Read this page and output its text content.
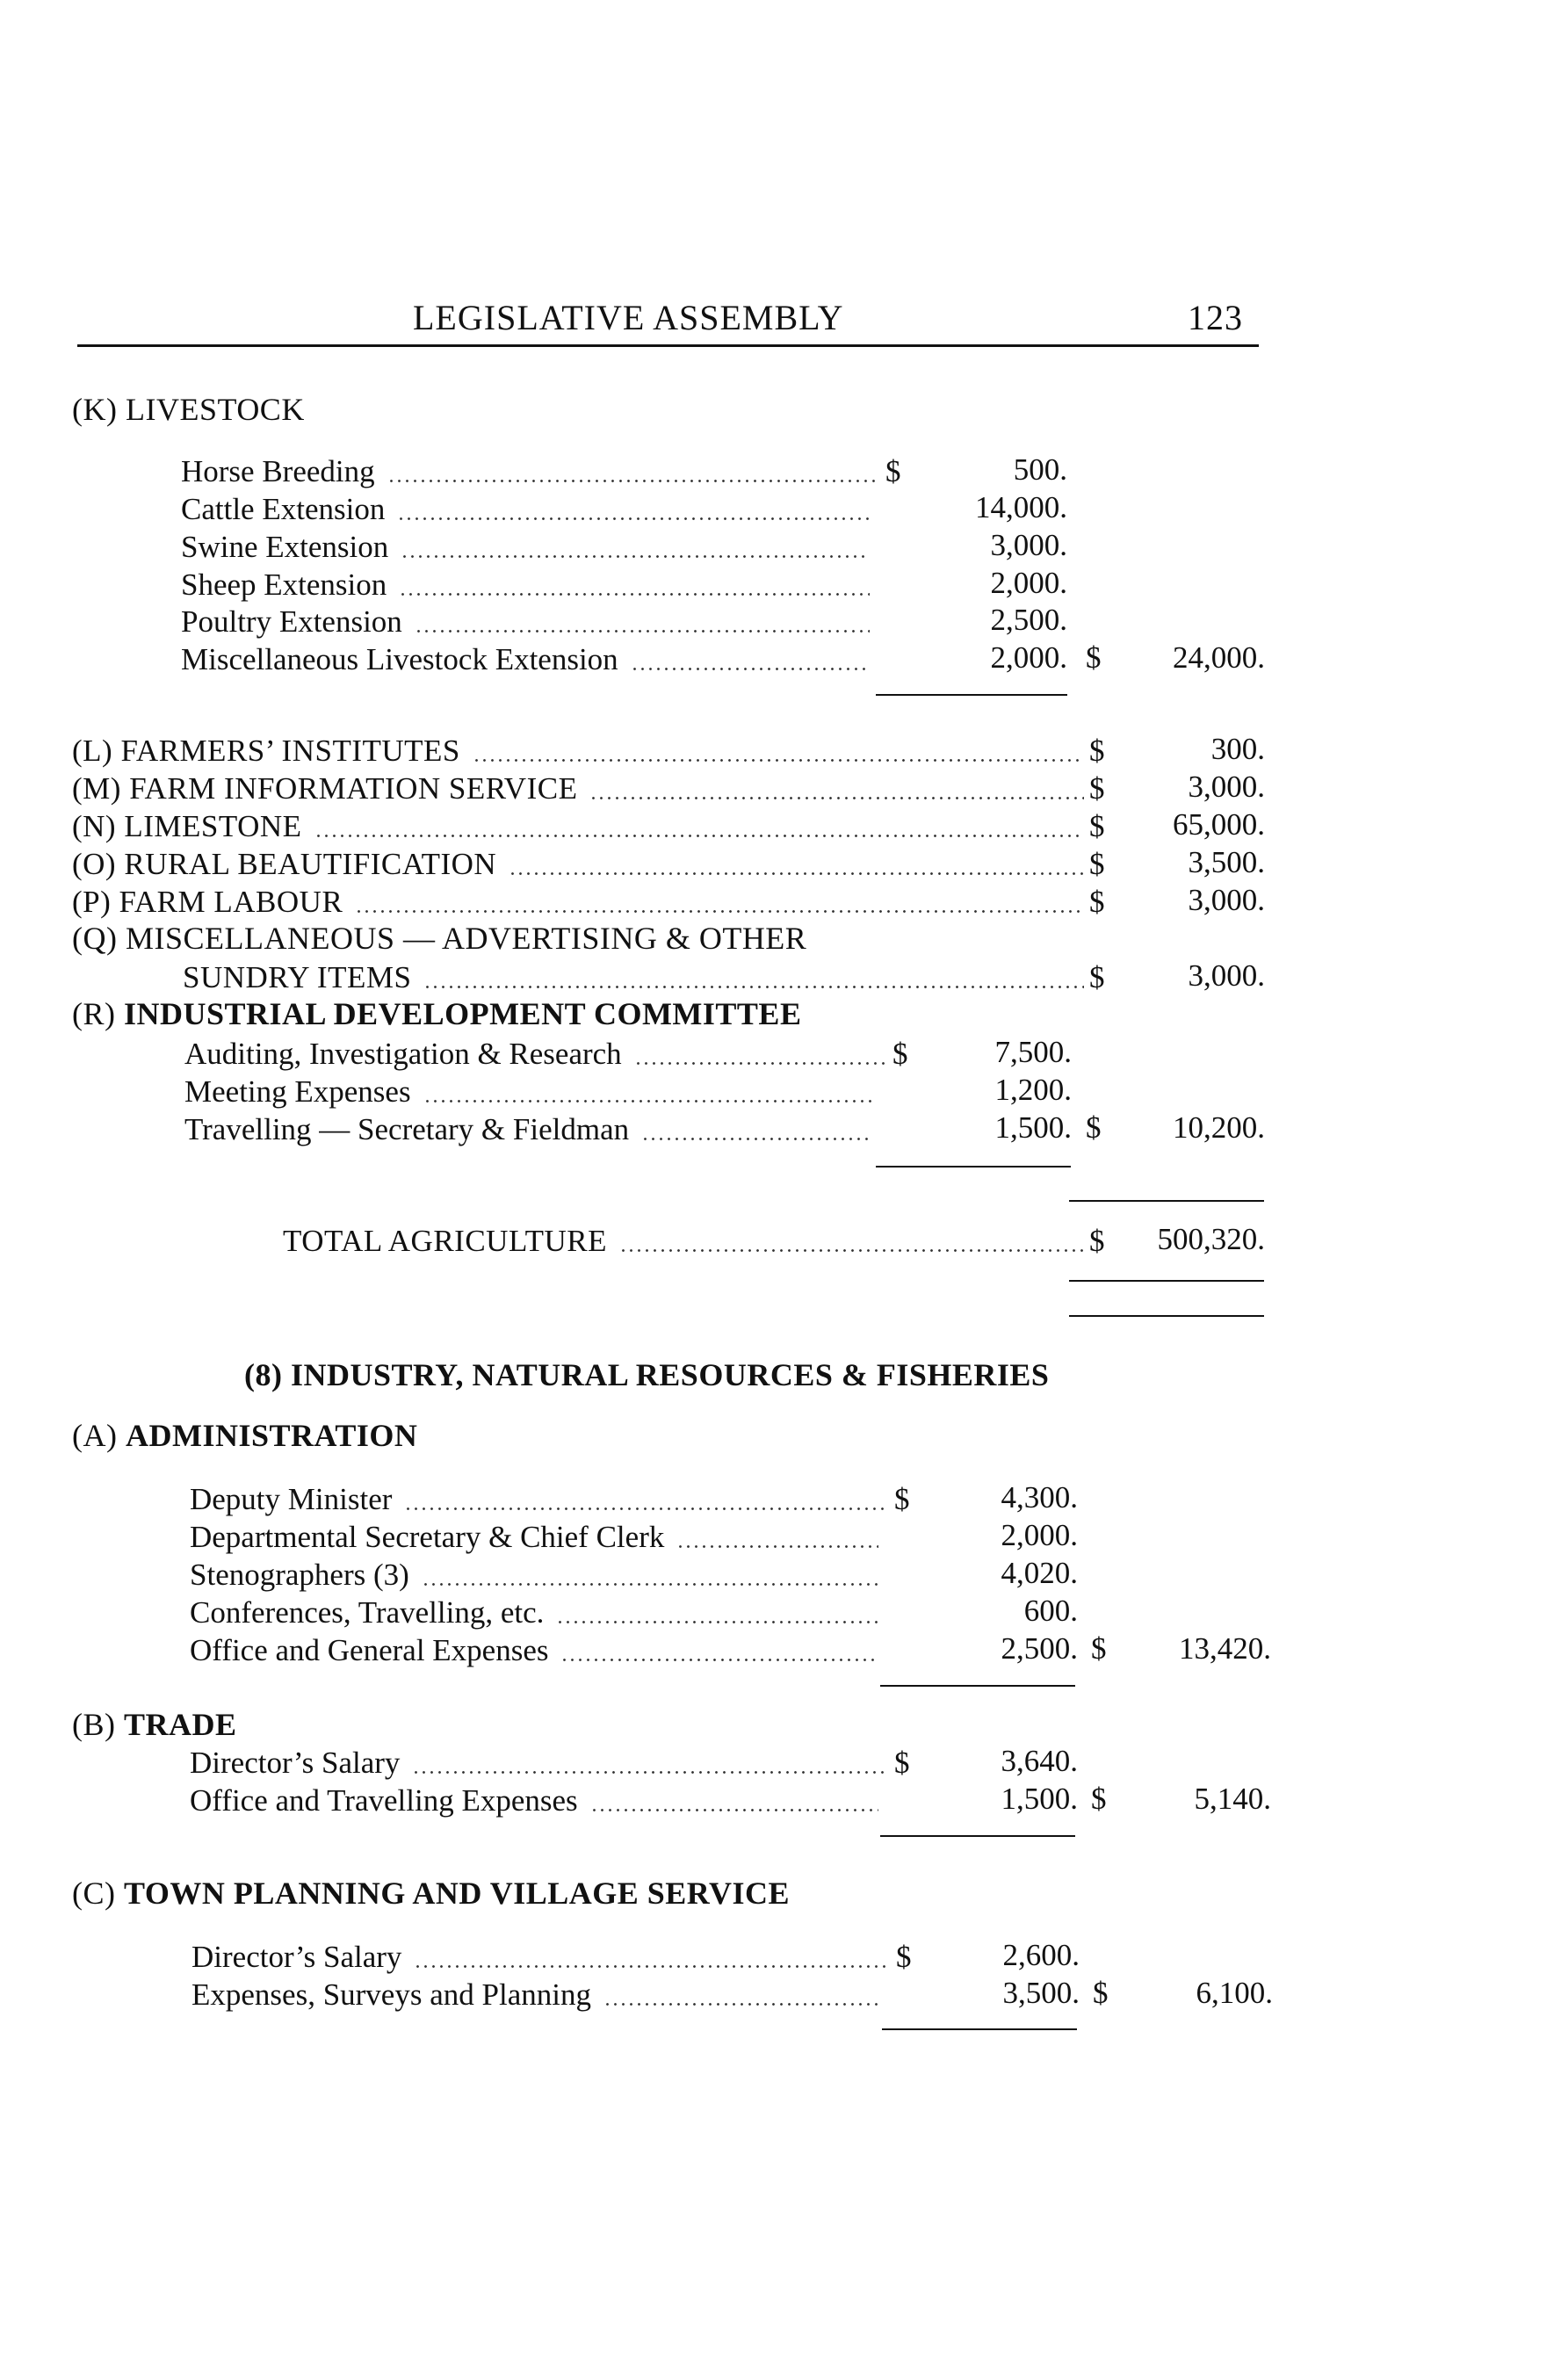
LEGISLATIVE ASSEMBLY	123
(K) LIVESTOCK
Horse Breeding	$	500.
Cattle Extension	14,000.
Swine Extension	3,000.
Sheep Extension	2,000.
Poultry Extension	2,500.
Miscellaneous Livestock Extension	2,000. $ 24,000.
(L) FARMERS’ INSTITUTES	$	300.
(M) FARM INFORMATION SERVICE	$	3,000.
(N) LIMESTONE	$ 65,000.
(O) RURAL BEAUTIFICATION	$	3,500.
(P) FARM LABOUR	$	3,000.
(Q) MISCELLANEOUS — ADVERTISING & OTHER
SUNDRY ITEMS	$	3,000.
(R) INDUSTRIAL DEVELOPMENT COMMITTEE
Auditing, Investigation & Research	$	7,500.
Meeting Expenses	1,200.
Travelling — Secretary & Fieldman	1,500. $ 10,200.
TOTAL AGRICULTURE	$ 500,320.
(8) INDUSTRY, NATURAL RESOURCES & FISHERIES
(A) ADMINISTRATION
Deputy Minister	$	4,300.
Departmental Secretary & Chief Clerk	2,000.
Stenographers (3)	4,020.
Conferences, Travelling, etc.	600.
Office and General Expenses	2,500. $ 13,420.
(B) TRADE
Director’s Salary	$	3,640.
Office and Travelling Expenses	1,500. $	5,140.
(C) TOWN PLANNING AND VILLAGE SERVICE
Director’s Salary	$	2,600.
Expenses, Surveys and Planning	3,500. $	6,100.
